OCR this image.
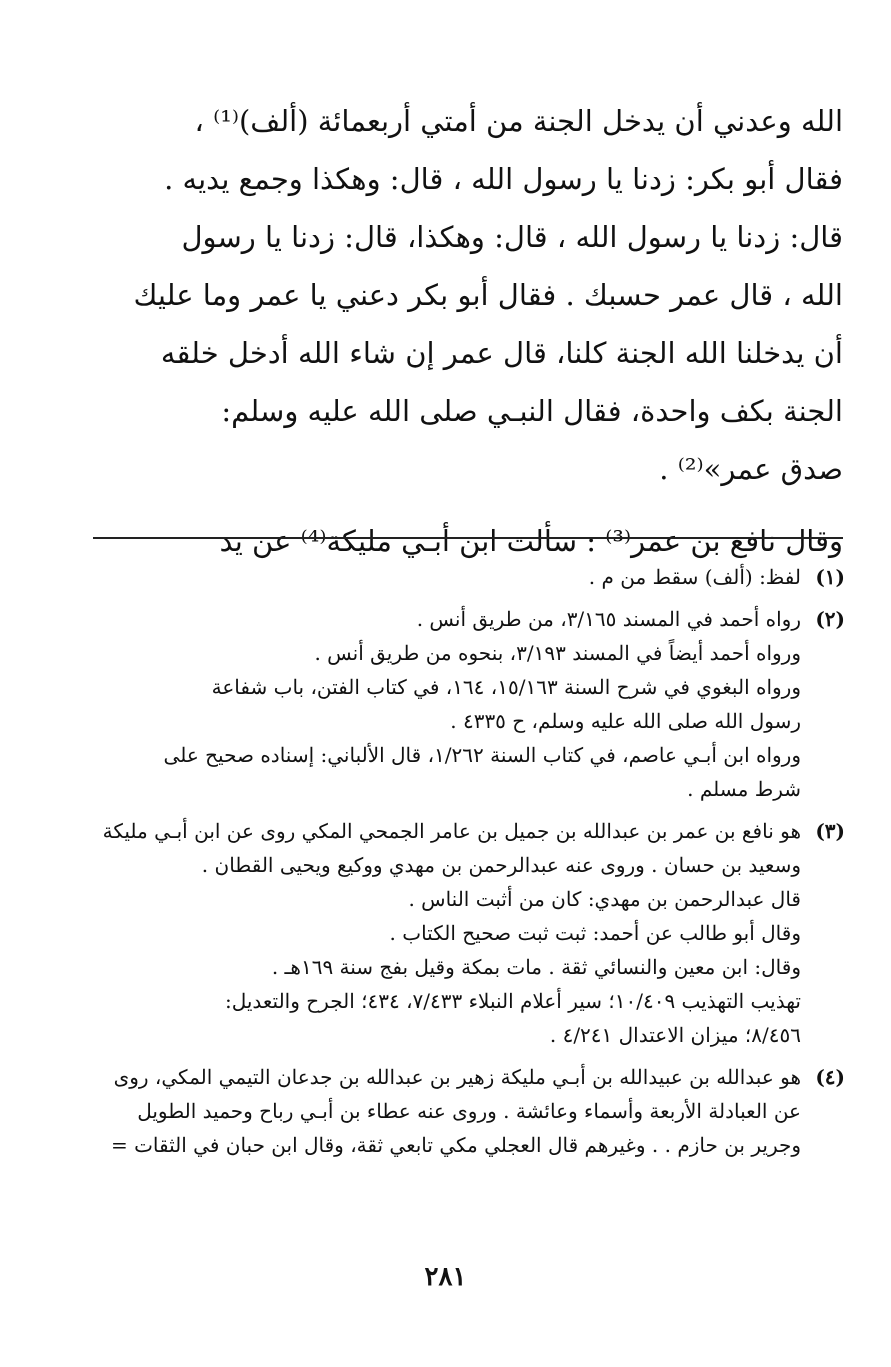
الله وعدني أن يدخل الجنة من أمتي أربعمائة (ألف)⁽¹⁾ ،
فقال أبو بكر: زدنا يا رسول الله ، قال: وهكذا وجمع يديه .
قال: زدنا يا رسول الله ، قال: وهكذا، قال: زدنا يا رسول
الله ، قال عمر حسبك . فقال أبو بكر دعني يا عمر وما عليك
أن يدخلنا الله الجنة كلنا، قال عمر إن شاء الله أدخل خلقه
الجنة بكف واحدة، فقال النبـي صلى الله عليه وسلم:
صدق عمر»⁽²⁾ .
وقال نافع بن عمر⁽³⁾ : سألت ابن أبـي مليكة⁽⁴⁾ عن يد
(١)
لفظ: (ألف) سقط من م .
(٢)
رواه أحمد في المسند ٣/١٦٥، من طريق أنس .
ورواه أحمد أيضاً في المسند ٣/١٩٣، بنحوه من طريق أنس .
ورواه البغوي في شرح السنة ١٥/١٦٣، ١٦٤، في كتاب الفتن، باب شفاعة
رسول الله صلى الله عليه وسلم، ح ٤٣٣٥ .
ورواه ابن أبـي عاصم، في كتاب السنة ١/٢٦٢، قال الألباني: إسناده صحيح على
شرط مسلم .
(٣)
هو نافع بن عمر بن عبدالله بن جميل بن عامر الجمحي المكي روى عن ابن أبـي مليكة
وسعيد بن حسان . وروى عنه عبدالرحمن بن مهدي ووكيع ويحيى القطان .
قال عبدالرحمن بن مهدي: كان من أثبت الناس .
وقال أبو طالب عن أحمد: ثبت ثبت صحيح الكتاب .
وقال: ابن معين والنسائي ثقة . مات بمكة وقيل بفج سنة ١٦٩هـ .
تهذيب التهذيب ١٠/٤٠٩؛ سير أعلام النبلاء ٧/٤٣٣، ٤٣٤؛ الجرح والتعديل:
٨/٤٥٦؛ ميزان الاعتدال ٤/٢٤١ .
(٤)
هو عبدالله بن عبيدالله بن أبـي مليكة زهير بن عبدالله بن جدعان التيمي المكي، روى
عن العبادلة الأربعة وأسماء وعائشة . وروى عنه عطاء بن أبـي رباح وحميد الطويل
وجرير بن حازم . . وغيرهم قال العجلي مكي تابعي ثقة، وقال ابن حبان في الثقات =
٢٨١
